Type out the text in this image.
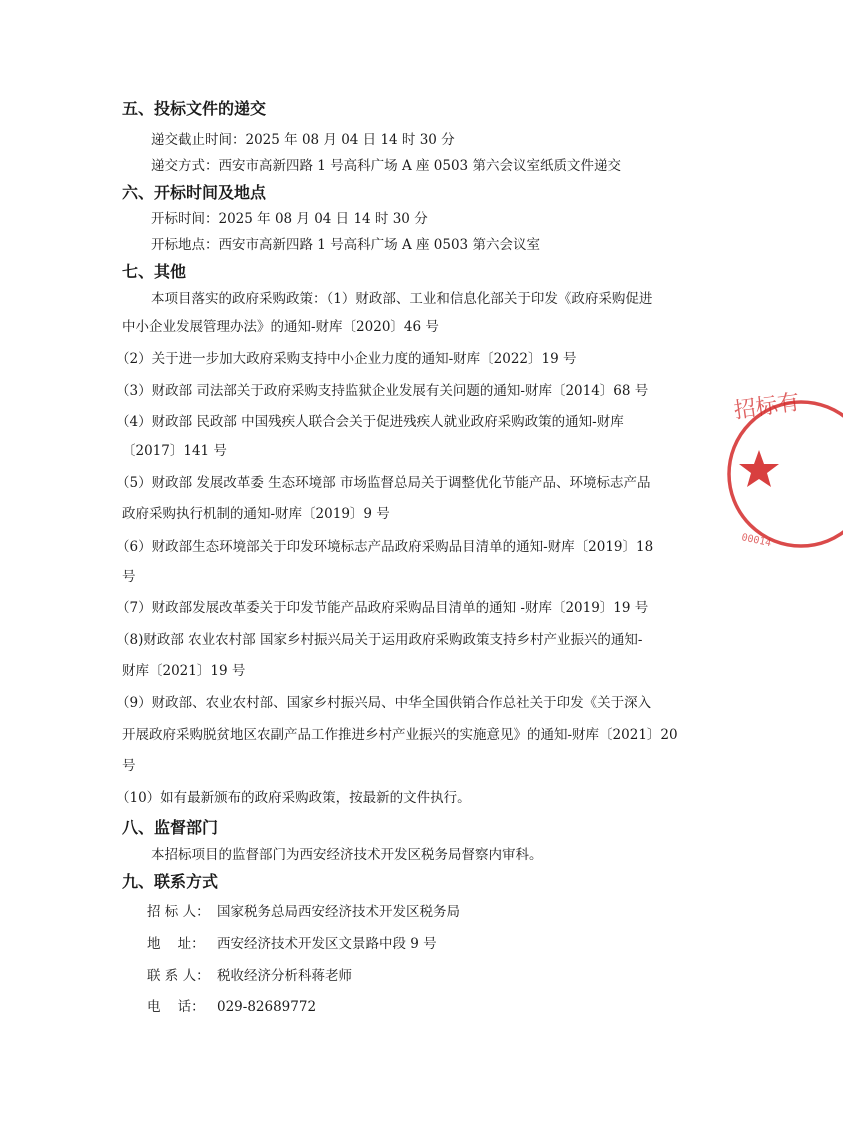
五、投标文件的递交
递交截止时间：2025 年 08 月 04 日 14 时 30 分
递交方式：西安市高新四路 1 号高科广场 A 座 0503 第六会议室纸质文件递交
六、开标时间及地点
开标时间：2025 年 08 月 04 日 14 时 30 分
开标地点：西安市高新四路 1 号高科广场 A 座 0503 第六会议室
七、其他
本项目落实的政府采购政策：（1）财政部、工业和信息化部关于印发《政府采购促进
中小企业发展管理办法》的通知-财库〔2020〕46 号
（2）关于进一步加大政府采购支持中小企业力度的通知-财库〔2022〕19 号
（3）财政部 司法部关于政府采购支持监狱企业发展有关问题的通知-财库〔2014〕68 号
（4）财政部 民政部 中国残疾人联合会关于促进残疾人就业政府采购政策的通知-财库
〔2017〕141 号
（5）财政部 发展改革委 生态环境部 市场监督总局关于调整优化节能产品、环境标志产品
政府采购执行机制的通知-财库〔2019〕9 号
（6）财政部生态环境部关于印发环境标志产品政府采购品目清单的通知-财库〔2019〕18
号
（7）财政部发展改革委关于印发节能产品政府采购品目清单的通知 -财库〔2019〕19 号
（8)财政部 农业农村部 国家乡村振兴局关于运用政府采购政策支持乡村产业振兴的通知-
财库〔2021〕19 号
（9）财政部、农业农村部、国家乡村振兴局、中华全国供销合作总社关于印发《关于深入
开展政府采购脱贫地区农副产品工作推进乡村产业振兴的实施意见》的通知-财库〔2021〕20
号
（10）如有最新颁布的政府采购政策，按最新的文件执行。
八、监督部门
本招标项目的监督部门为西安经济技术开发区税务局督察内审科。
九、联系方式
招 标 人： 国家税务总局西安经济技术开发区税务局
地    址： 西安经济技术开发区文景路中段 9 号
联 系 人： 税收经济分析科蒋老师
电    话： 029-82689772
招标有
00014
